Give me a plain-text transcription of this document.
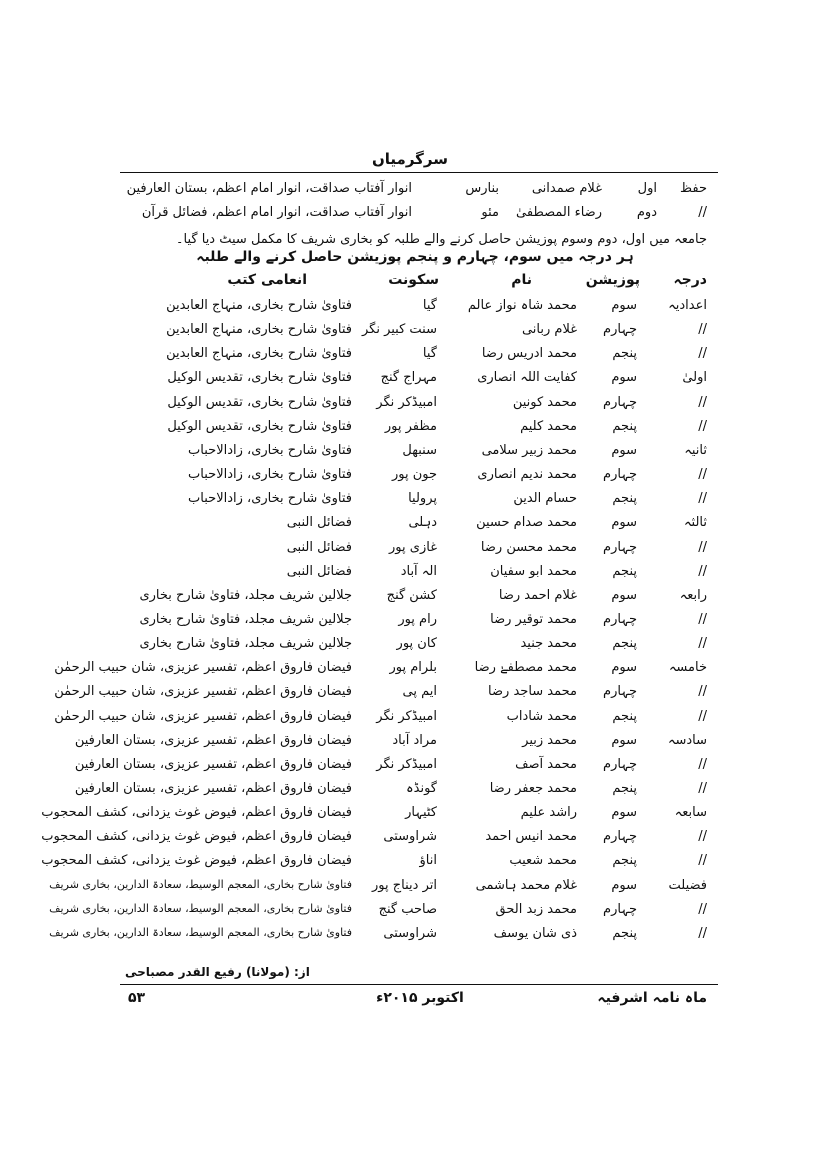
سرگرمیاں
حفظ
اول
غلام صمدانی
بنارس
انوار آفتاب صداقت، انوار امام اعظم، بستان العارفین
//
دوم
رضاء المصطفیٰ
مئو
انوار آفتاب صداقت، انوار امام اعظم، فضائل قرآن
جامعہ میں اول، دوم وسوم پوزیشن حاصل کرنے والے طلبہ کو بخاری شریف کا مکمل سیٹ دیا گیا۔
ہر درجہ میں سوم، چہارم و پنجم پوزیشن حاصل کرنے والے طلبہ
درجہ
پوزیشن
نام
سکونت
انعامی کتب
اعدادیہ
سوم
محمد شاہ نواز عالم
گیا
فتاویٰ شارح بخاری، منہاج العابدین
//
چہارم
غلام ربانی
سنت کبیر نگر
فتاویٰ شارح بخاری، منہاج العابدین
//
پنجم
محمد ادریس رضا
گیا
فتاویٰ شارح بخاری، منہاج العابدین
اولیٰ
سوم
کفایت اللہ انصاری
مہراج گنج
فتاویٰ شارح بخاری، تقدیس الوکیل
//
چہارم
محمد کونین
امبیڈکر نگر
فتاویٰ شارح بخاری، تقدیس الوکیل
//
پنجم
محمد کلیم
مظفر پور
فتاویٰ شارح بخاری، تقدیس الوکیل
ثانیہ
سوم
محمد زبیر سلامی
سنبھل
فتاویٰ شارح بخاری، زادالاحباب
//
چہارم
محمد ندیم انصاری
جون پور
فتاویٰ شارح بخاری، زادالاحباب
//
پنجم
حسام الدین
پرولیا
فتاویٰ شارح بخاری، زادالاحباب
ثالثہ
سوم
محمد صدام حسین
دہلی
فضائل النبی
//
چہارم
محمد محسن رضا
غازی پور
فضائل النبی
//
پنجم
محمد ابو سفیان
الہ آباد
فضائل النبی
رابعہ
سوم
غلام احمد رضا
کشن گنج
جلالین شریف مجلد، فتاویٰ شارح بخاری
//
چہارم
محمد توقیر رضا
رام پور
جلالین شریف مجلد، فتاویٰ شارح بخاری
//
پنجم
محمد جنید
کان پور
جلالین شریف مجلد، فتاویٰ شارح بخاری
خامسہ
سوم
محمد مصطفےٰ رضا
بلرام پور
فیضان فاروق اعظم، تفسیر عزیزی، شان حبیب الرحمٰن
//
چہارم
محمد ساجد رضا
ایم پی
فیضان فاروق اعظم، تفسیر عزیزی، شان حبیب الرحمٰن
//
پنجم
محمد شاداب
امبیڈکر نگر
فیضان فاروق اعظم، تفسیر عزیزی، شان حبیب الرحمٰن
سادسہ
سوم
محمد زبیر
مراد آباد
فیضان فاروق اعظم، تفسیر عزیزی، بستان العارفین
//
چہارم
محمد آصف
امبیڈکر نگر
فیضان فاروق اعظم، تفسیر عزیزی، بستان العارفین
//
پنجم
محمد جعفر رضا
گونڈہ
فیضان فاروق اعظم، تفسیر عزیزی، بستان العارفین
سابعہ
سوم
راشد علیم
کٹیہار
فیضان فاروق اعظم، فیوض غوث یزدانی، کشف المحجوب
//
چہارم
محمد انیس احمد
شراوستی
فیضان فاروق اعظم، فیوض غوث یزدانی، کشف المحجوب
//
پنجم
محمد شعیب
اناؤ
فیضان فاروق اعظم، فیوض غوث یزدانی، کشف المحجوب
فضیلت
سوم
غلام محمد ہاشمی
اتر دیناج پور
فتاویٰ شارح بخاری، المعجم الوسیط، سعادۃ الدارین، بخاری شریف
//
چہارم
محمد زبد الحق
صاحب گنج
فتاویٰ شارح بخاری، المعجم الوسیط، سعادۃ الدارین، بخاری شریف
//
پنجم
ذی شان یوسف
شراوستی
فتاویٰ شارح بخاری، المعجم الوسیط، سعادۃ الدارین، بخاری شریف
از: (مولانا) رفیع القدر مصباحی
ماہ نامہ اشرفیہ
اکتوبر ۲۰۱۵ء
۵۳
